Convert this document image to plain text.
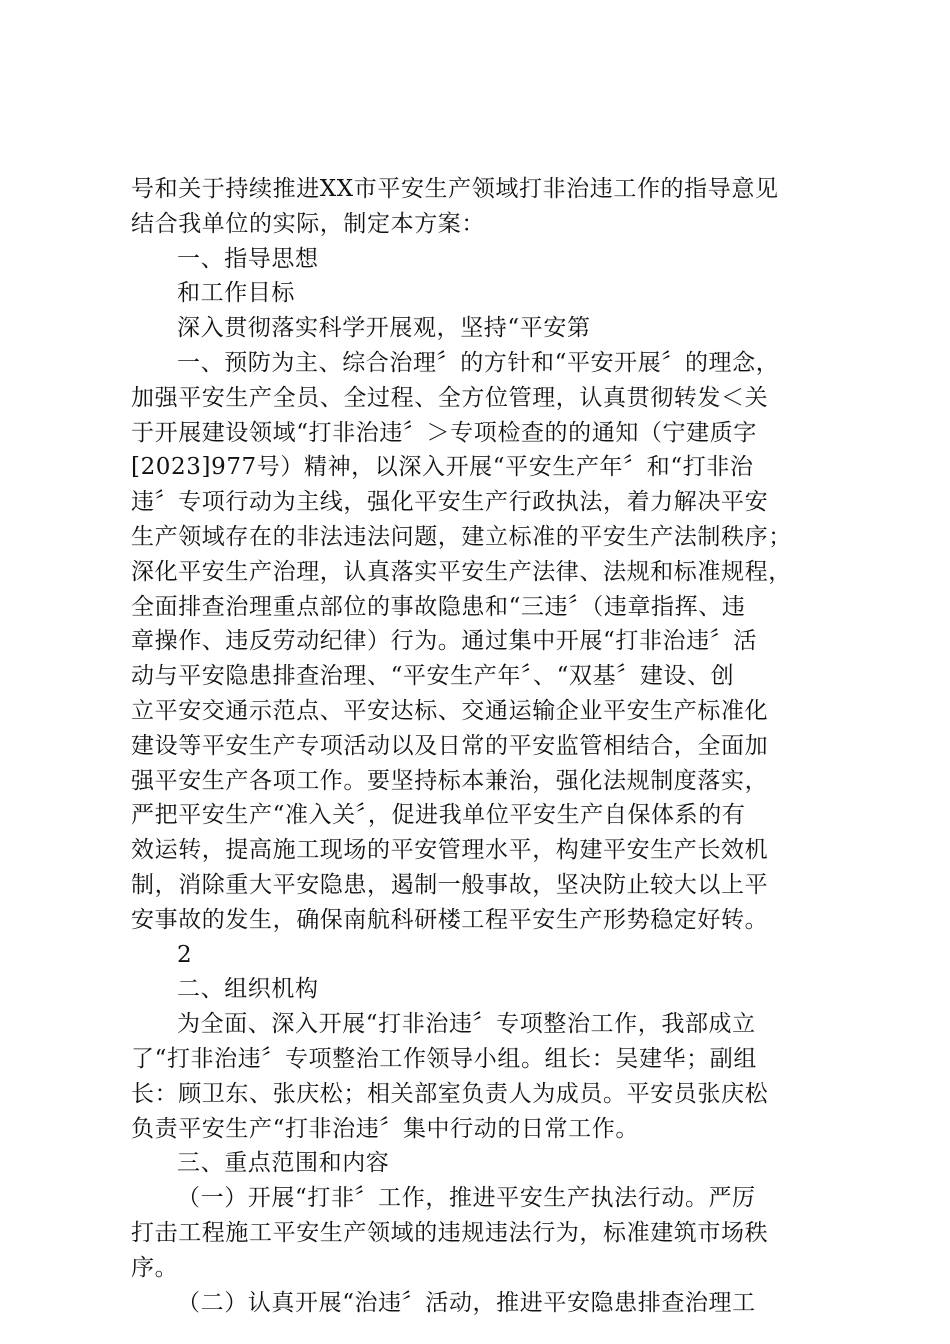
号和关于持续推进XX市平安生产领域打非治违工作的指导意见
结合我单位的实际，制定本方案：
一、指导思想
和工作目标
深入贯彻落实科学开展观，坚持“平安第
一、预防为主、综合治理〞的方针和“平安开展〞的理念，
加强平安生产全员、全过程、全方位管理，认真贯彻转发＜关
于开展建设领域“打非治违〞＞专项检查的的通知（宁建质字
[2023]977号）精神，以深入开展“平安生产年〞和“打非治
违〞专项行动为主线，强化平安生产行政执法，着力解决平安
生产领域存在的非法违法问题，建立标准的平安生产法制秩序；
深化平安生产治理，认真落实平安生产法律、法规和标准规程，
全面排查治理重点部位的事故隐患和“三违〞（违章指挥、违
章操作、违反劳动纪律）行为。通过集中开展“打非治违〞活
动与平安隐患排查治理、“平安生产年〞、“双基〞建设、创
立平安交通示范点、平安达标、交通运输企业平安生产标准化
建设等平安生产专项活动以及日常的平安监管相结合，全面加
强平安生产各项工作。要坚持标本兼治，强化法规制度落实，
严把平安生产“准入关〞，促进我单位平安生产自保体系的有
效运转，提高施工现场的平安管理水平，构建平安生产长效机
制，消除重大平安隐患，遏制一般事故，坚决防止较大以上平
安事故的发生，确保南航科研楼工程平安生产形势稳定好转。
2
二、组织机构
为全面、深入开展“打非治违〞专项整治工作，我部成立
了“打非治违〞专项整治工作领导小组。组长：吴建华；副组
长：顾卫东、张庆松；相关部室负责人为成员。平安员张庆松
负责平安生产“打非治违〞集中行动的日常工作。
三、重点范围和内容
（一）开展“打非〞工作，推进平安生产执法行动。严厉
打击工程施工平安生产领域的违规违法行为，标准建筑市场秩
序。
（二）认真开展“治违〞活动，推进平安隐患排查治理工
